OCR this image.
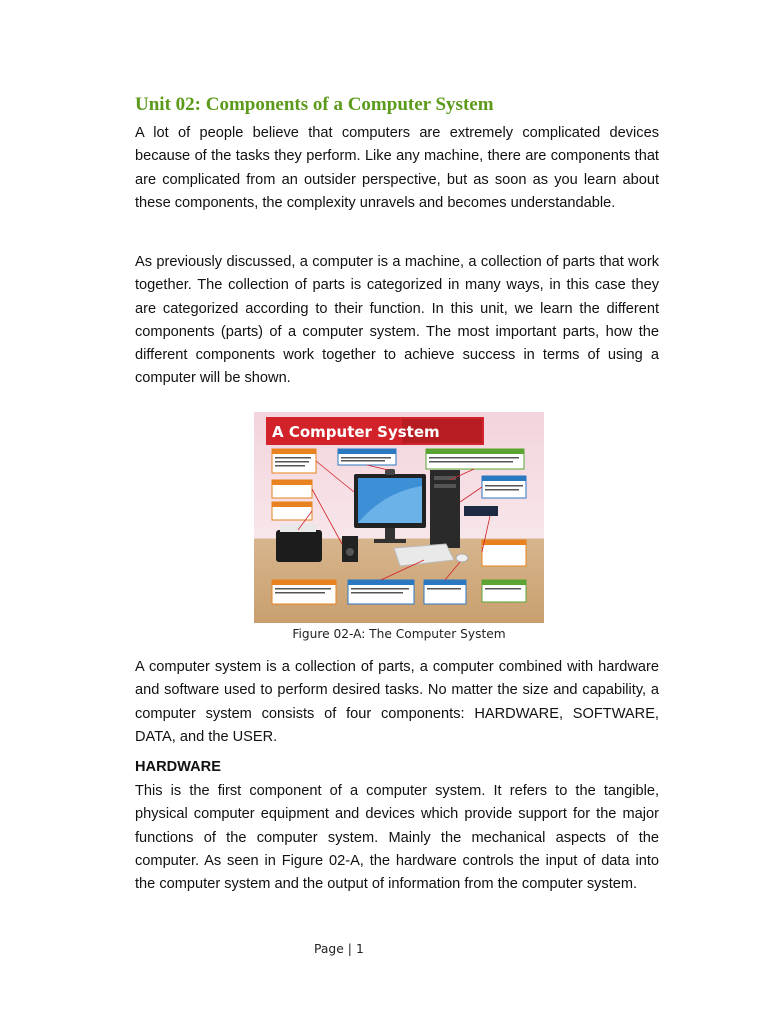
Unit 02: Components of a Computer System

A lot of people believe that computers are extremely complicated devices because of the tasks they perform. Like any machine, there are components that are complicated from an outsider perspective, but as soon as you learn about these components, the complexity unravels and becomes understandable.

As previously discussed, a computer is a machine, a collection of parts that work together. The collection of parts is categorized in many ways, in this case they are categorized according to their function. In this unit, we learn the different components (parts) of a computer system. The most important parts, how the different components work together to achieve success in terms of using a computer will be shown.

A Computer System

Figure 02-A: The Computer System

A computer system is a collection of parts, a computer combined with hardware and software used to perform desired tasks. No matter the size and capability, a computer system consists of four components: HARDWARE, SOFTWARE, DATA, and the USER.

HARDWARE

This is the first component of a computer system. It refers to the tangible, physical computer equipment and devices which provide support for the major functions of the computer system. Mainly the mechanical aspects of the computer. As seen in Figure 02-A, the hardware controls the input of data into the computer system and the output of information from the computer system.

Page | 1
